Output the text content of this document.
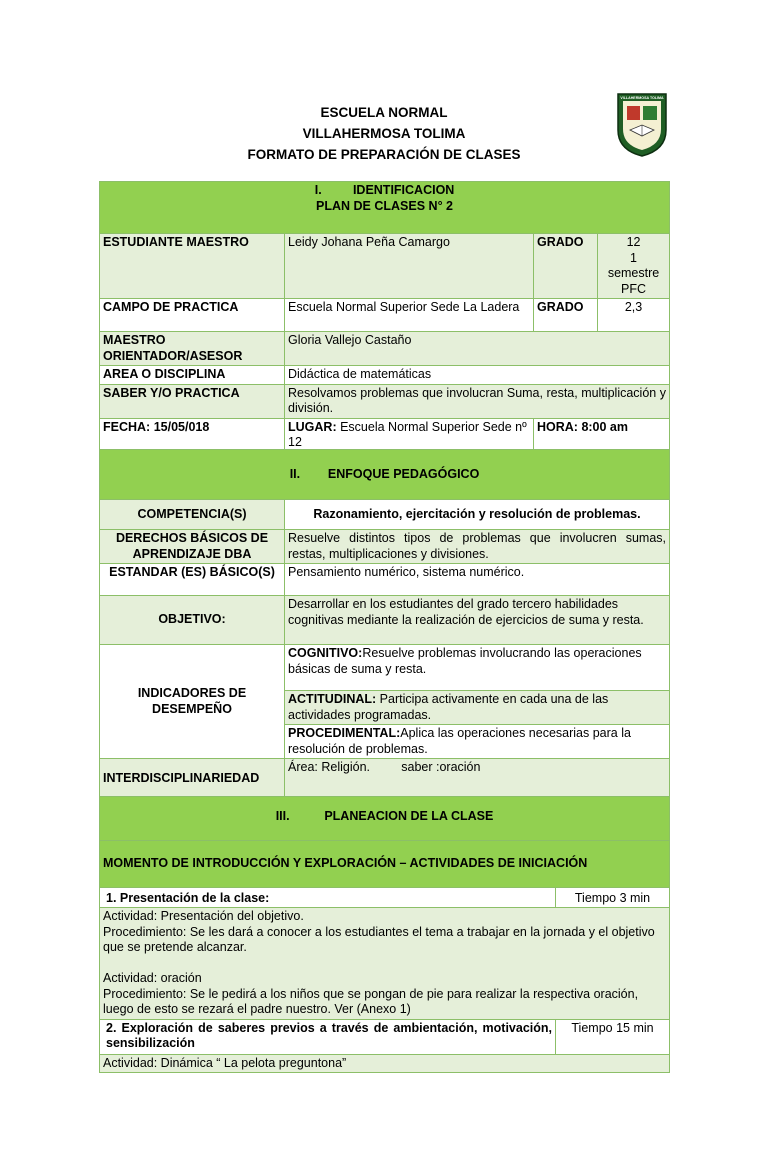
ESCUELA NORMAL
VILLAHERMOSA TOLIMA
FORMATO DE PREPARACIÓN DE CLASES
VILLAHERMOSA TOLIMA
I. IDENTIFICACION
PLAN DE CLASES N° 2			

ESTUDIANTE MAESTRO	Leidy Johana Peña Camargo	GRADO	12
1
semestre
PFC
CAMPO DE PRACTICA	Escuela Normal Superior Sede La Ladera	GRADO	2,3
MAESTRO ORIENTADOR/ASESOR	Gloria Vallejo Castaño		
AREA O DISCIPLINA	Didáctica de matemáticas		
SABER Y/O PRACTICA	Resolvamos problemas que involucran Suma, resta, multiplicación y división.		
FECHA: 15/05/018	LUGAR: Escuela Normal Superior Sede nº 12	HORA: 8:00 am	
II. ENFOQUE PEDAGÓGICO	
COMPETENCIA(S)	Razonamiento, ejercitación y resolución de problemas.
DERECHOS BÁSICOS DE APRENDIZAJE DBA	Resuelve distintos tipos de problemas que involucren sumas, restas, multiplicaciones y divisiones.
ESTANDAR (ES) BÁSICO(S)	Pensamiento numérico, sistema numérico.
OBJETIVO:	Desarrollar en los estudiantes del grado tercero habilidades cognitivas mediante la realización de ejercicios de suma y resta.
INDICADORES DE DESEMPEÑO	COGNITIVO:Resuelve problemas involucrando las operaciones básicas de suma y resta.
	ACTITUDINAL: Participa activamente en cada una de las actividades programadas.
	PROCEDIMENTAL:Aplica las operaciones necesarias para la resolución de problemas.
INTERDISCIPLINARIEDAD	Área: Religión.         saber :oración
III. PLANEACION DE LA CLASE	
MOMENTO DE INTRODUCCIÓN Y EXPLORACIÓN – ACTIVIDADES DE INICIACIÓN	
1. Presentación de la clase:	Tiempo 3 min
Actividad: Presentación del objetivo.
Procedimiento: Se les dará a conocer a los estudiantes el tema a trabajar en la jornada y el objetivo que se pretende alcanzar.

Actividad: oración
Procedimiento: Se le pedirá a los niños que se pongan de pie para realizar la respectiva oración, luego de esto se rezará el padre nuestro. Ver (Anexo 1)	
2. Exploración de saberes previos a través de ambientación, motivación, sensibilización	Tiempo 15 min
Actividad: Dinámica “ La pelota preguntona”	
